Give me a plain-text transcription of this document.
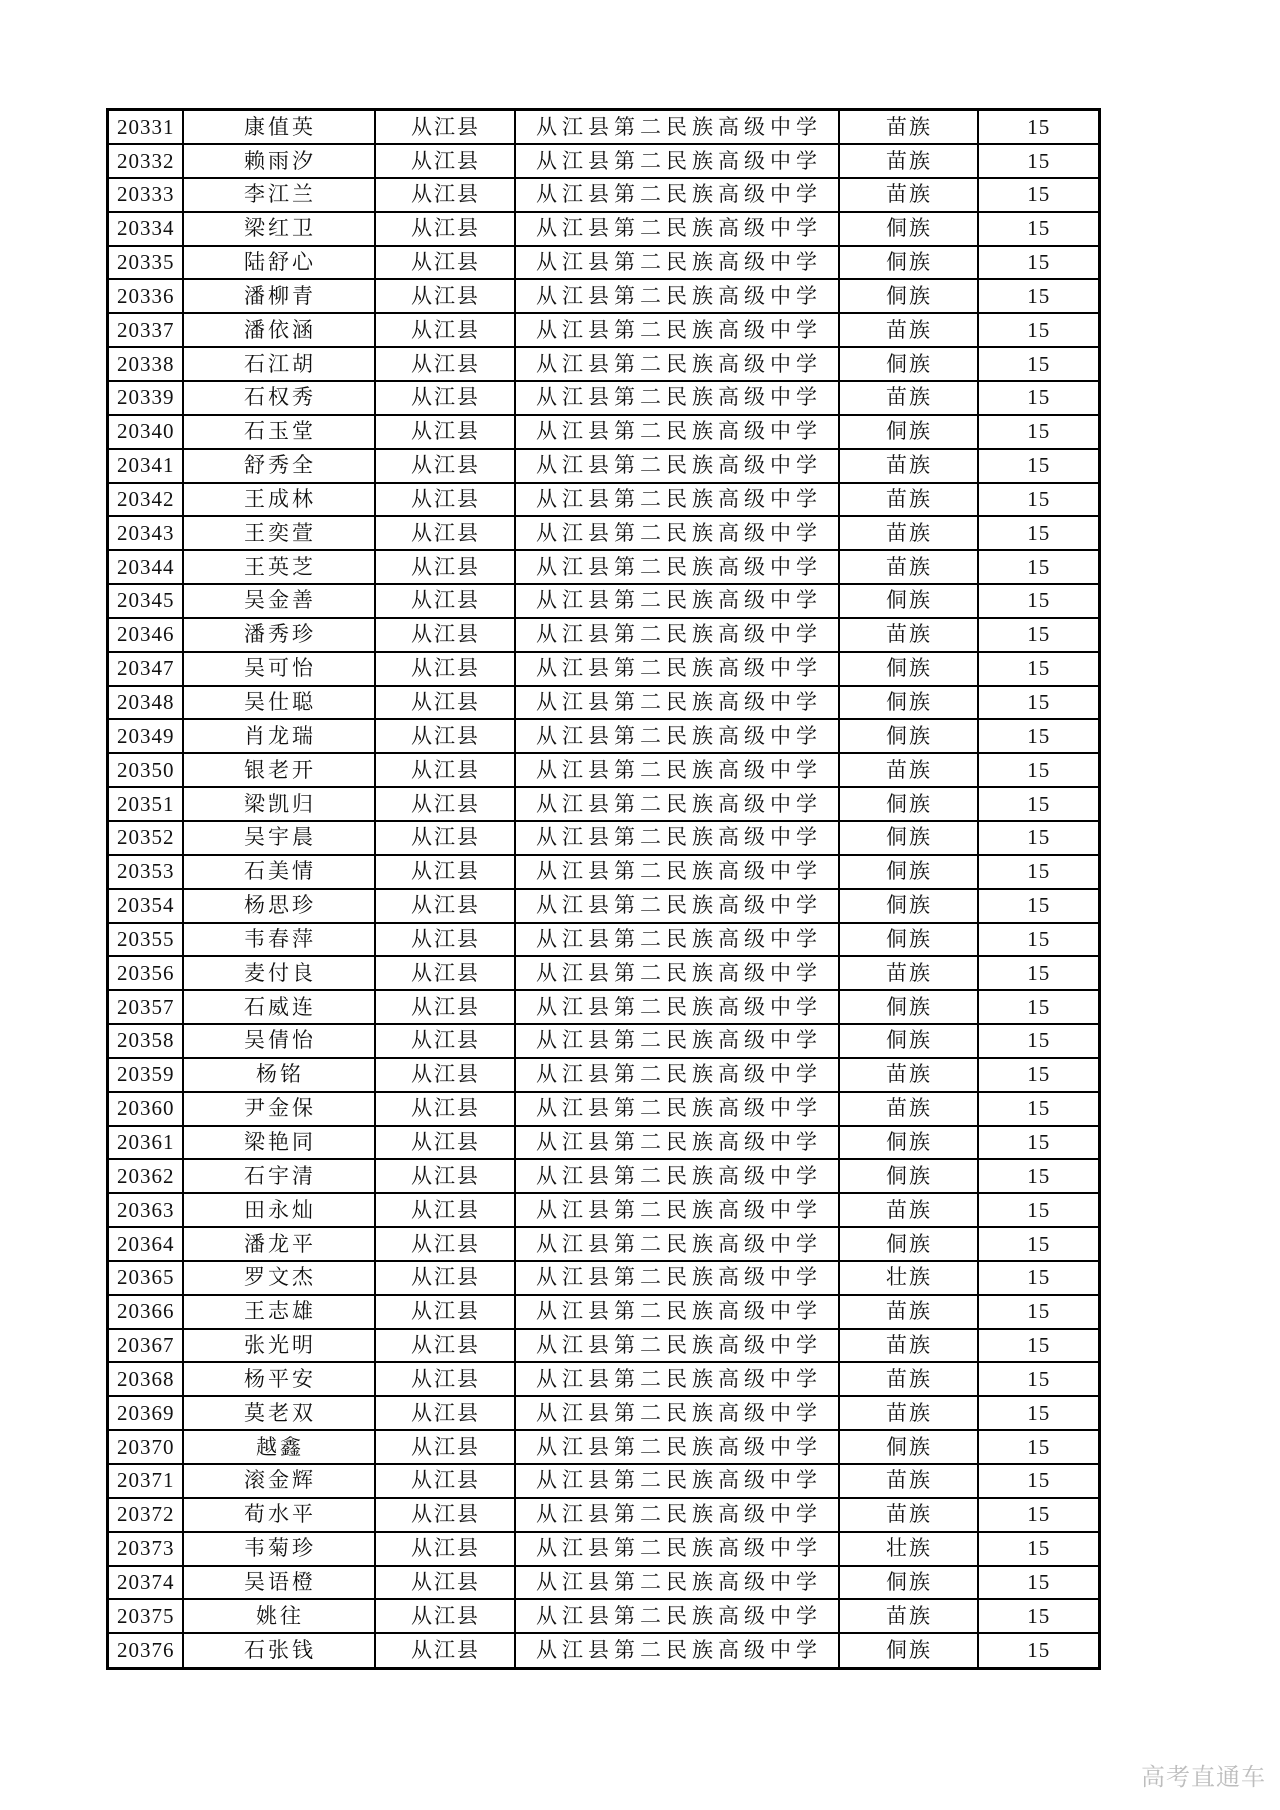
20331	康值英	从江县	从江县第二民族高级中学	苗族	15
20332	赖雨汐	从江县	从江县第二民族高级中学	苗族	15
20333	李江兰	从江县	从江县第二民族高级中学	苗族	15
20334	梁红卫	从江县	从江县第二民族高级中学	侗族	15
20335	陆舒心	从江县	从江县第二民族高级中学	侗族	15
20336	潘柳青	从江县	从江县第二民族高级中学	侗族	15
20337	潘依涵	从江县	从江县第二民族高级中学	苗族	15
20338	石江胡	从江县	从江县第二民族高级中学	侗族	15
20339	石权秀	从江县	从江县第二民族高级中学	苗族	15
20340	石玉堂	从江县	从江县第二民族高级中学	侗族	15
20341	舒秀全	从江县	从江县第二民族高级中学	苗族	15
20342	王成林	从江县	从江县第二民族高级中学	苗族	15
20343	王奕萱	从江县	从江县第二民族高级中学	苗族	15
20344	王英芝	从江县	从江县第二民族高级中学	苗族	15
20345	吴金善	从江县	从江县第二民族高级中学	侗族	15
20346	潘秀珍	从江县	从江县第二民族高级中学	苗族	15
20347	吴可怡	从江县	从江县第二民族高级中学	侗族	15
20348	吴仕聪	从江县	从江县第二民族高级中学	侗族	15
20349	肖龙瑞	从江县	从江县第二民族高级中学	侗族	15
20350	银老开	从江县	从江县第二民族高级中学	苗族	15
20351	梁凯归	从江县	从江县第二民族高级中学	侗族	15
20352	吴宇晨	从江县	从江县第二民族高级中学	侗族	15
20353	石美情	从江县	从江县第二民族高级中学	侗族	15
20354	杨思珍	从江县	从江县第二民族高级中学	侗族	15
20355	韦春萍	从江县	从江县第二民族高级中学	侗族	15
20356	麦付良	从江县	从江县第二民族高级中学	苗族	15
20357	石威连	从江县	从江县第二民族高级中学	侗族	15
20358	吴倩怡	从江县	从江县第二民族高级中学	侗族	15
20359	杨铭	从江县	从江县第二民族高级中学	苗族	15
20360	尹金保	从江县	从江县第二民族高级中学	苗族	15
20361	梁艳同	从江县	从江县第二民族高级中学	侗族	15
20362	石宇清	从江县	从江县第二民族高级中学	侗族	15
20363	田永灿	从江县	从江县第二民族高级中学	苗族	15
20364	潘龙平	从江县	从江县第二民族高级中学	侗族	15
20365	罗文杰	从江县	从江县第二民族高级中学	壮族	15
20366	王志雄	从江县	从江县第二民族高级中学	苗族	15
20367	张光明	从江县	从江县第二民族高级中学	苗族	15
20368	杨平安	从江县	从江县第二民族高级中学	苗族	15
20369	莫老双	从江县	从江县第二民族高级中学	苗族	15
20370	越鑫	从江县	从江县第二民族高级中学	侗族	15
20371	滚金辉	从江县	从江县第二民族高级中学	苗族	15
20372	荀水平	从江县	从江县第二民族高级中学	苗族	15
20373	韦菊珍	从江县	从江县第二民族高级中学	壮族	15
20374	吴语橙	从江县	从江县第二民族高级中学	侗族	15
20375	姚往	从江县	从江县第二民族高级中学	苗族	15
20376	石张钱	从江县	从江县第二民族高级中学	侗族	15
高考直通车
